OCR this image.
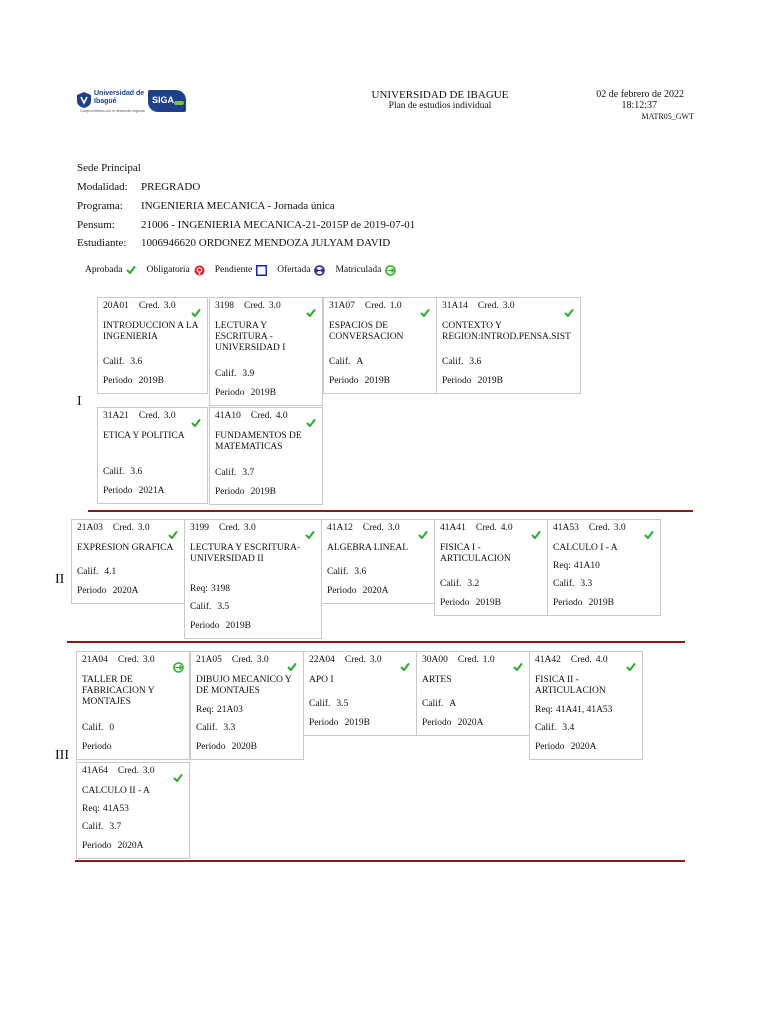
Universidad de Ibagué
Comprometidos con el desarrollo regional
SIGA	UNIVERSIDAD DE IBAGUE
Plan de estudios individual
02 de febrero de 2022
18:12:37
MATR05_GWT
Sede Principal
Modalidad: PREGRADO
Programa: INGENIERIA MECANICA - Jornada única
Pensum: 21006 - INGENIERIA MECANICA-21-2015P de 2019-07-01
Estudiante: 1006946620 ORDONEZ MENDOZA JULYAM DAVID
Aprobada	Obligatoria	Pendiente	Ofertada	Matriculada
I
20A01 Cred. 3.0
INTRODUCCION A LA INGENIERIA
Calif. 3.6
Periodo 2019B
3198 Cred. 3.0
LECTURA Y ESCRITURA - UNIVERSIDAD I
Calif. 3.9
Periodo 2019B
31A07 Cred. 1.0
ESPACIOS DE CONVERSACION
Calif. A
Periodo 2019B
31A14 Cred. 3.0
CONTEXTO Y REGION:INTROD.PENSA.SIST
Calif. 3.6
Periodo 2019B
31A21 Cred. 3.0
ETICA Y POLITICA
Calif. 3.6
Periodo 2021A
41A10 Cred. 4.0
FUNDAMENTOS DE MATEMATICAS
Calif. 3.7
Periodo 2019B
II
21A03 Cred. 3.0
EXPRESION GRAFICA
Calif. 4.1
Periodo 2020A
3199 Cred. 3.0
LECTURA Y ESCRITURA-UNIVERSIDAD II
Req: 3198
Calif. 3.5
Periodo 2019B
41A12 Cred. 3.0
ALGEBRA LINEAL
Calif. 3.6
Periodo 2020A
41A41 Cred. 4.0
FISICA I - ARTICULACION
Calif. 3.2
Periodo 2019B
41A53 Cred. 3.0
CALCULO I - A
Req: 41A10
Calif. 3.3
Periodo 2019B
III
21A04 Cred. 3.0
TALLER DE FABRICACION Y MONTAJES
Calif. 0
Periodo
21A05 Cred. 3.0
DIBUJO MECANICO Y DE MONTAJES
Req: 21A03
Calif. 3.3
Periodo 2020B
22A04 Cred. 3.0
APO I
Calif. 3.5
Periodo 2019B
30A00 Cred. 1.0
ARTES
Calif. A
Periodo 2020A
41A42 Cred. 4.0
FISICA II - ARTICULACION
Req: 41A41, 41A53
Calif. 3.4
Periodo 2020A
41A64 Cred. 3.0
CALCULO II - A
Req: 41A53
Calif. 3.7
Periodo 2020A
